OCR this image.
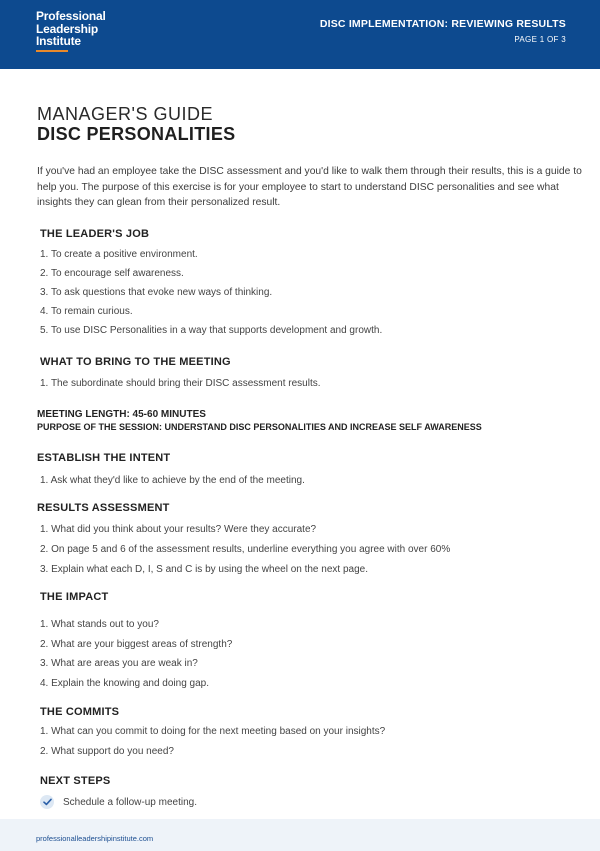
Professional
Leadership
Institute
DISC IMPLEMENTATION: REVIEWING RESULTS
PAGE 1 OF 3
MANAGER'S GUIDE
DISC PERSONALITIES
If you've had an employee take the DISC assessment and you'd like to walk them through their results, this is a guide to help you. The purpose of this exercise is for your employee to start to understand DISC personalities and see what insights they can glean from their personalized result.
THE LEADER'S JOB
1. To create a positive environment.
2. To encourage self awareness.
3. To ask questions that evoke new ways of thinking.
4. To remain curious.
5. To use DISC Personalities in a way that supports development and growth.
WHAT TO BRING TO THE MEETING
1. The subordinate should bring their DISC assessment results.
MEETING LENGTH: 45-60 MINUTES
PURPOSE OF THE SESSION: UNDERSTAND DISC PERSONALITIES AND INCREASE SELF AWARENESS
ESTABLISH THE INTENT
1. Ask what they'd like to achieve by the end of the meeting.
RESULTS ASSESSMENT
1. What did you think about your results? Were they accurate?
2. On page 5 and 6 of the assessment results, underline everything you agree with over 60%
3. Explain what each D, I, S and C is by using the wheel on the next page.
THE IMPACT
1. What stands out to you?
2. What are your biggest areas of strength?
3. What are areas you are weak in?
4. Explain the knowing and doing gap.
THE COMMITS
1. What can you commit to doing for the next meeting based on your insights?
2. What support do you need?
NEXT STEPS
Schedule a follow-up meeting.
professionalleadershipinstitute.com
